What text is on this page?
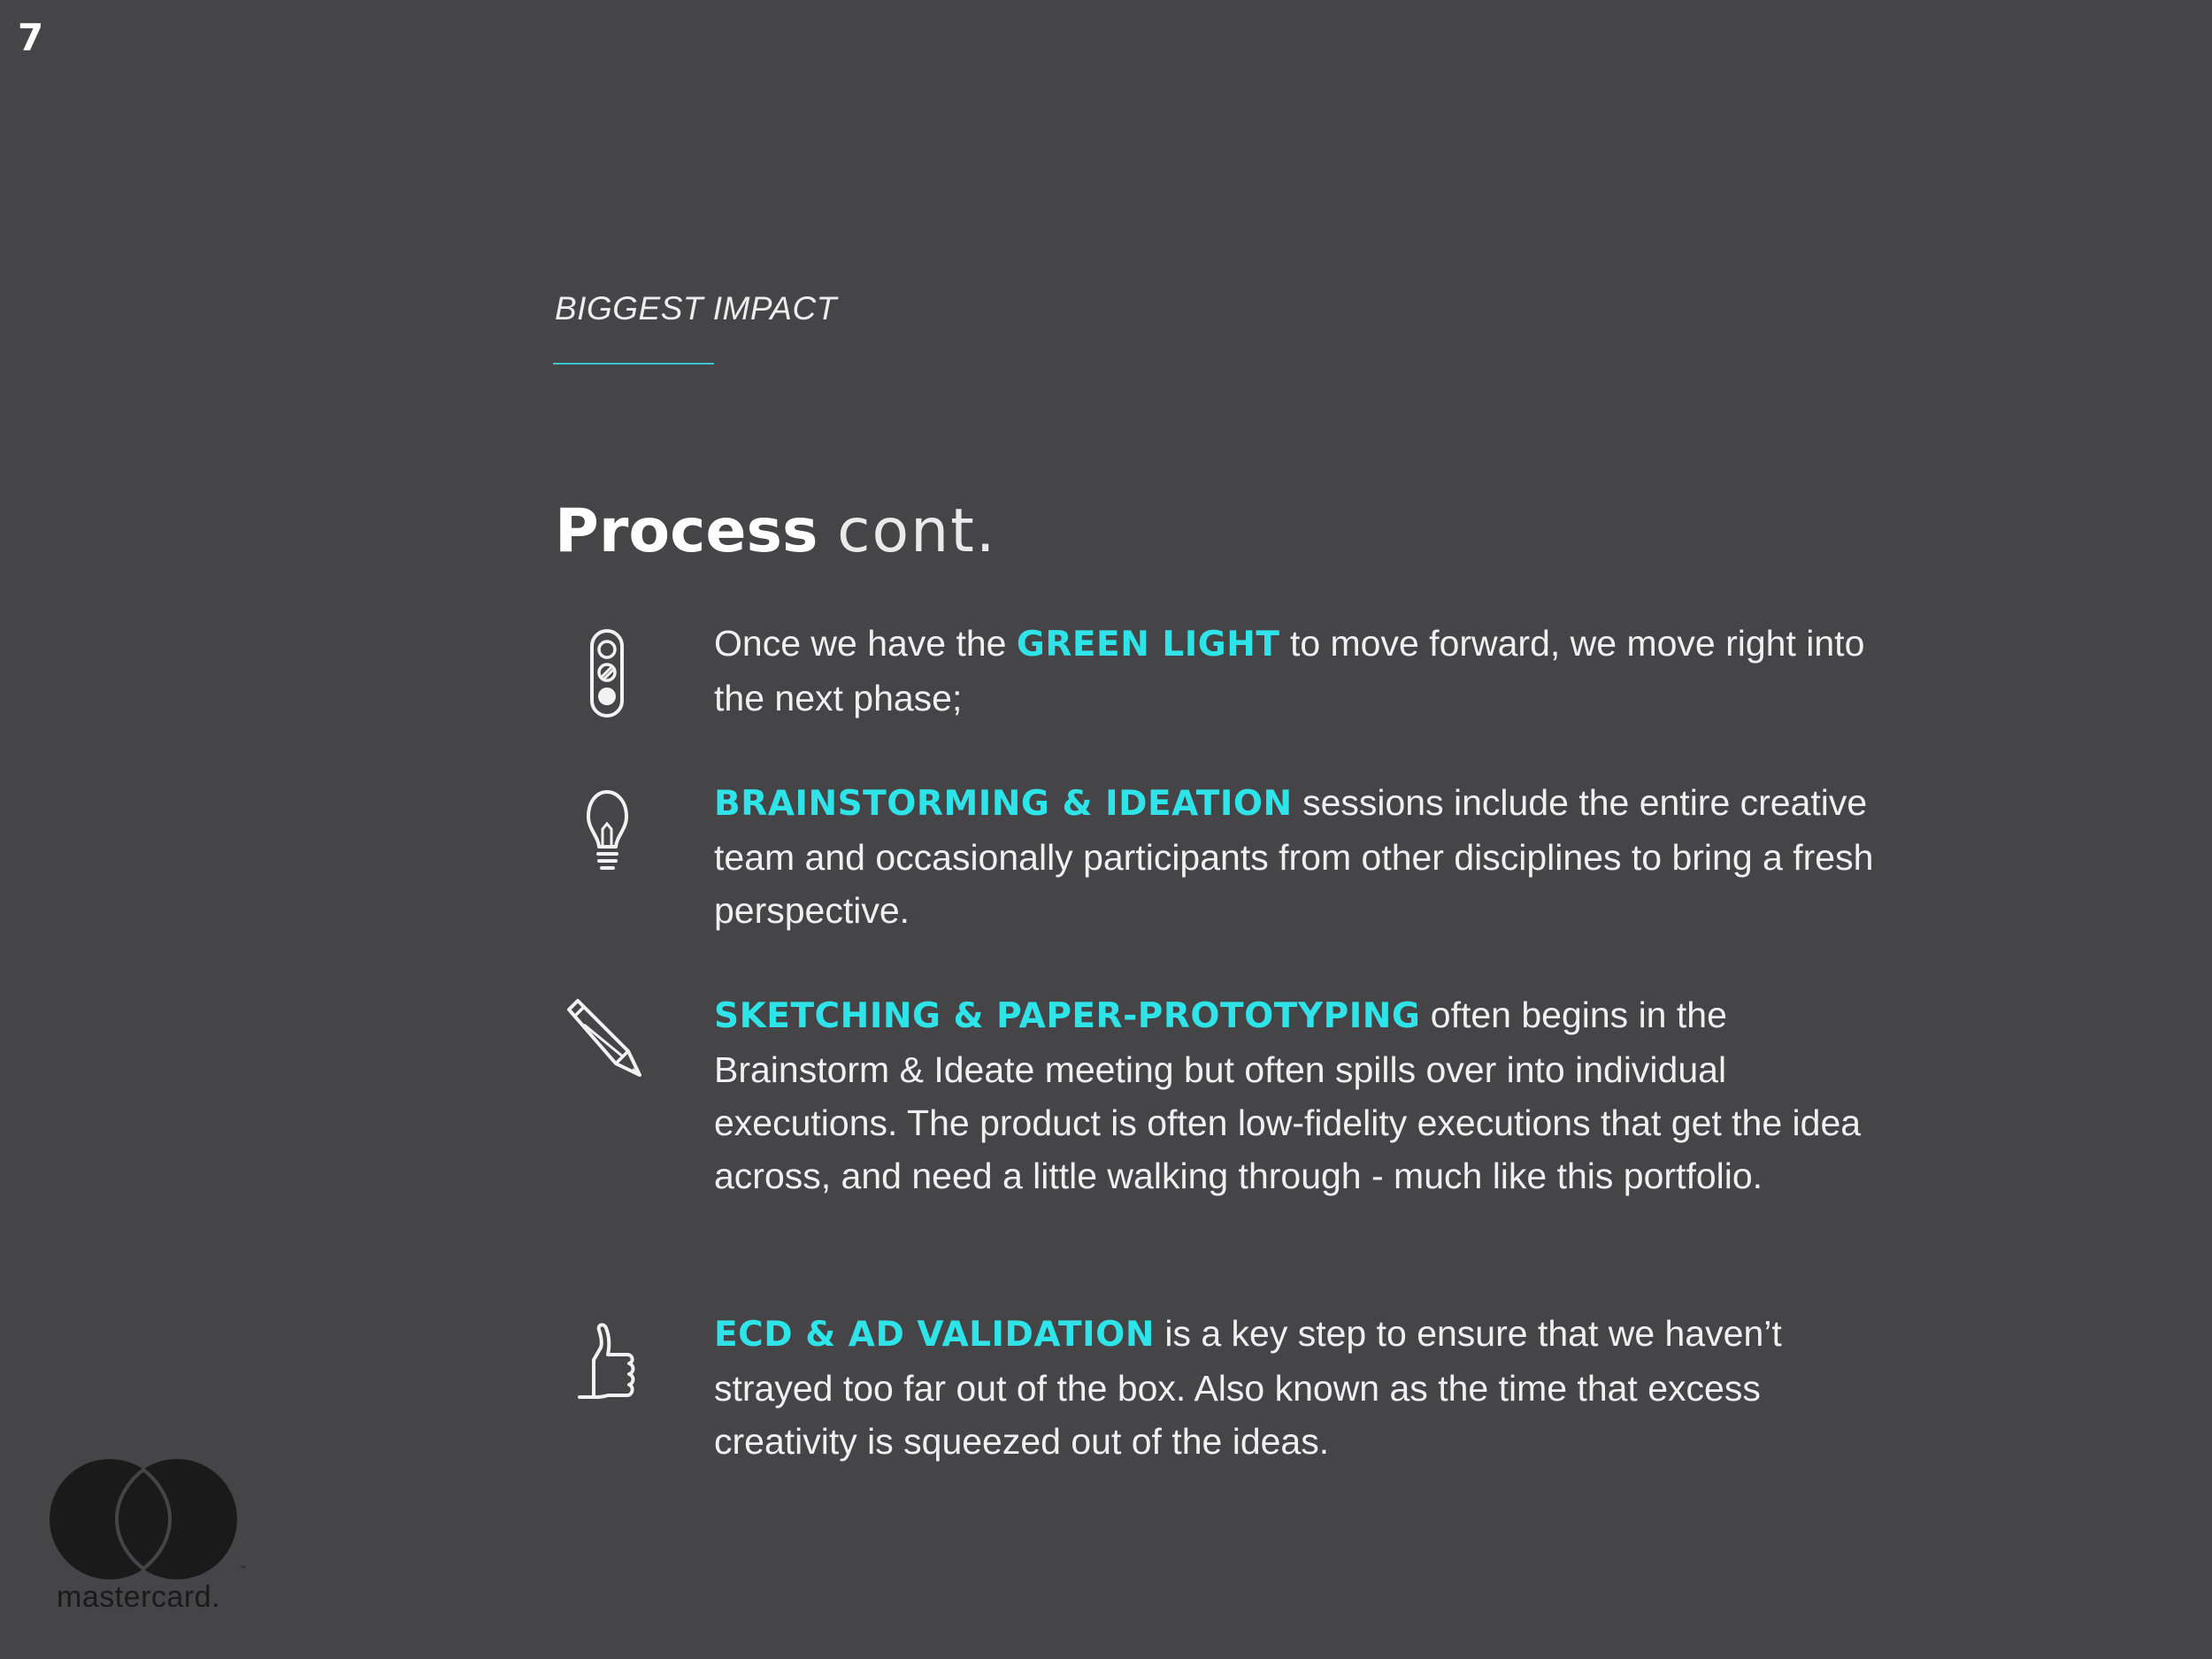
7
BIGGEST IMPACT
Process cont.

Once we have the GREEN LIGHT to move forward, we move right into the next phase;

BRAINSTORMING & IDEATION sessions include the entire creative team and occasionally participants from other disciplines to bring a fresh perspective.

SKETCHING & PAPER-PROTOTYPING often begins in the Brainstorm & Ideate meeting but often spills over into individual executions. The product is often low-fidelity executions that get the idea across, and need a little walking through - much like this portfolio.

ECD & AD VALIDATION is a key step to ensure that we haven’t strayed too far out of the box. Also known as the time that excess creativity is squeezed out of the ideas.

™
mastercard.
